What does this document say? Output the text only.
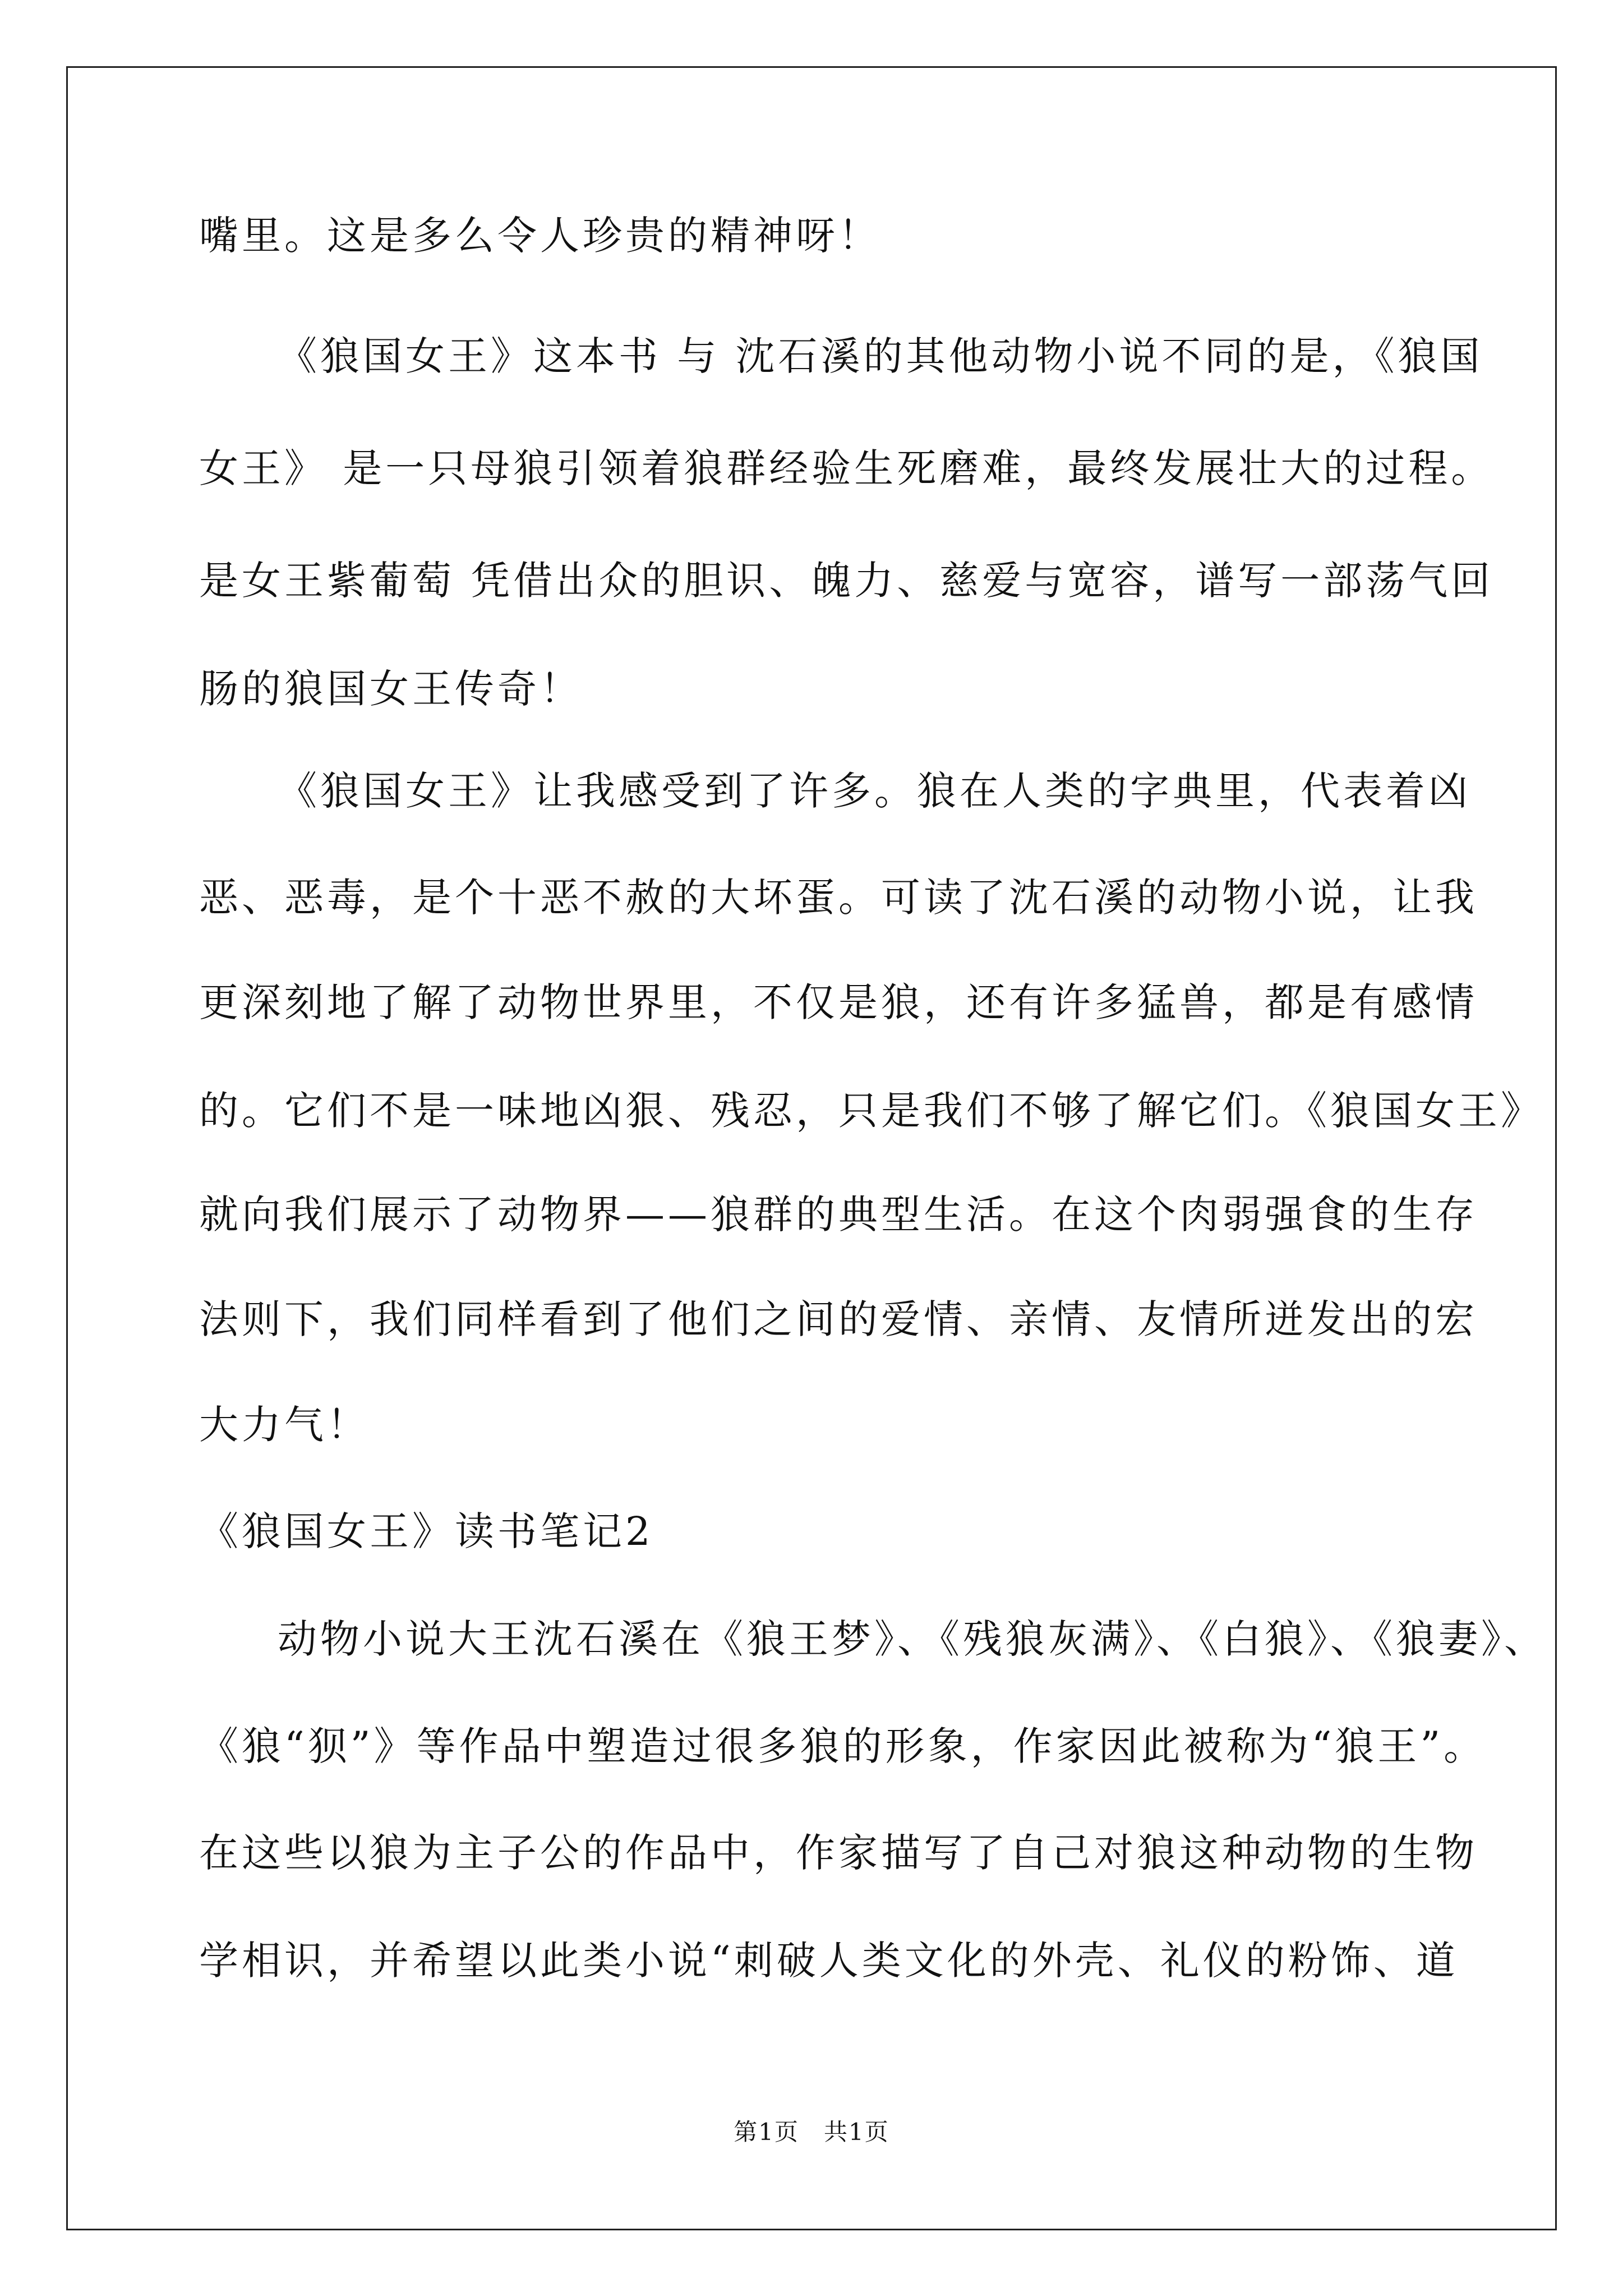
嘴里。这是多么令人珍贵的精神呀！
《狼国女王》这本书 与 沈石溪的其他动物小说不同的是，《狼国
女王》 是一只母狼引领着狼群经验生死磨难，最终发展壮大的过程。
是女王紫葡萄 凭借出众的胆识、魄力、慈爱与宽容，谱写一部荡气回
肠的狼国女王传奇！
《狼国女王》让我感受到了许多。狼在人类的字典里，代表着凶
恶、恶毒，是个十恶不赦的大坏蛋。可读了沈石溪的动物小说，让我
更深刻地了解了动物世界里，不仅是狼，还有许多猛兽，都是有感情
的。它们不是一味地凶狠、残忍，只是我们不够了解它们。《狼国女王》
就向我们展示了动物界——狼群的典型生活。在这个肉弱强食的生存
法则下，我们同样看到了他们之间的爱情、亲情、友情所迸发出的宏
大力气！
《狼国女王》读书笔记2
动物小说大王沈石溪在《狼王梦》、《残狼灰满》、《白狼》、《狼妻》、
《狼“狈”》等作品中塑造过很多狼的形象，作家因此被称为“狼王”。
在这些以狼为主子公的作品中，作家描写了自己对狼这种动物的生物
学相识，并希望以此类小说“刺破人类文化的外壳、礼仪的粉饰、道
第1页　共1页
